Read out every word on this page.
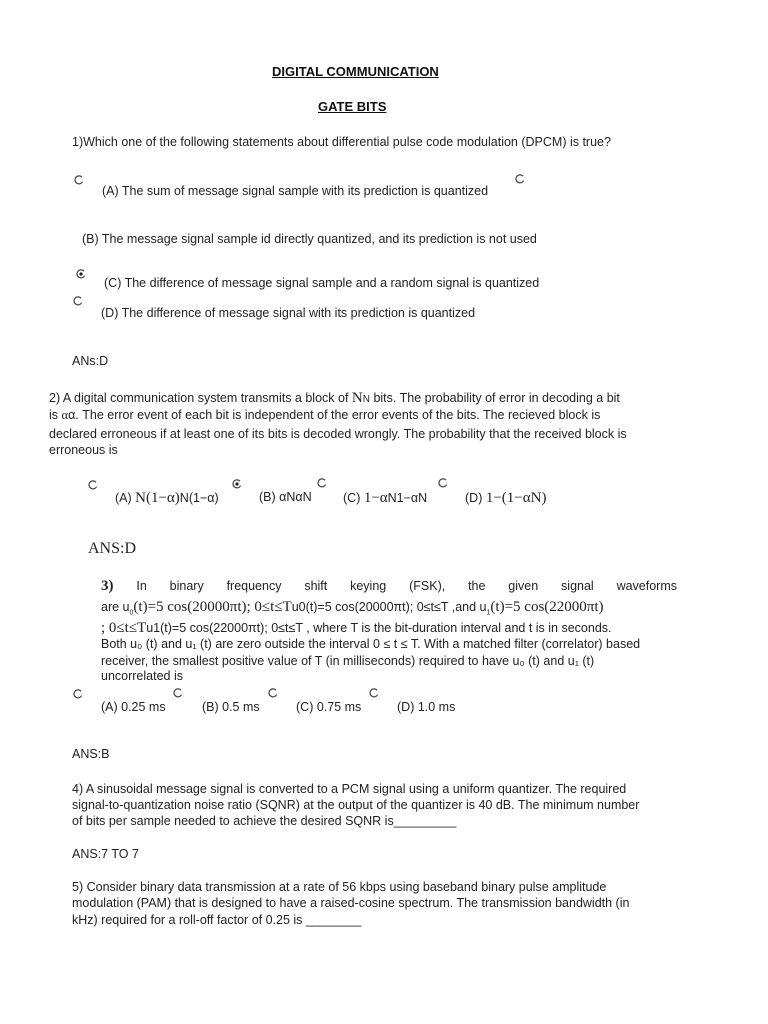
DIGITAL COMMUNICATION
GATE BITS
1)Which one of the following statements about differential pulse code modulation (DPCM) is true?
(A) The sum of message signal sample with its prediction is quantized
(B) The message signal sample id directly quantized, and its prediction is not used
(C) The difference of message signal sample and a random signal is quantized
(D) The difference of message signal with its prediction is quantized
ANs:D
2) A digital communication system transmits a block of NN bits. The probability of error in decoding a bit
is αα. The error event of each bit is independent of the error events of the bits. The recieved block is
declared erroneous if at least one of its bits is decoded wrongly. The probability that the received block is
erroneous is
(A) N(1−α)N(1−α)	(B) αNαN	(C) 1−αN1−αN	(D) 1−(1−αN)
ANS:D
3) In binary frequency shift keying (FSK), the given signal waveforms
are $u_0(t)=5$ cos(20000πt); 0≤t≤Tu0(t)=5 cos(20000πt); 0≤t≤T ,and $u_1(t)=5$ cos(22000πt)
; 0≤t≤Tu1(t)=5 cos(22000πt); 0≤t≤T , where T is the bit-duration interval and t is in seconds.
Both u₀ (t) and u₁ (t) are zero outside the interval 0 ≤ t ≤ T. With a matched filter (correlator) based
receiver, the smallest positive value of T (in milliseconds) required to have u₀ (t) and u₁ (t)
uncorrelated is
(A) 0.25 ms	(B) 0.5 ms	(C) 0.75 ms	(D) 1.0 ms
ANS:B
4) A sinusoidal message signal is converted to a PCM signal using a uniform quantizer. The required
signal-to-quantization noise ratio (SQNR) at the output of the quantizer is 40 dB. The minimum number
of bits per sample needed to achieve the desired SQNR is_________
ANS:7 TO 7
5) Consider binary data transmission at a rate of 56 kbps using baseband binary pulse amplitude
modulation (PAM) that is designed to have a raised-cosine spectrum. The transmission bandwidth (in
kHz) required for a roll-off factor of 0.25 is ________
